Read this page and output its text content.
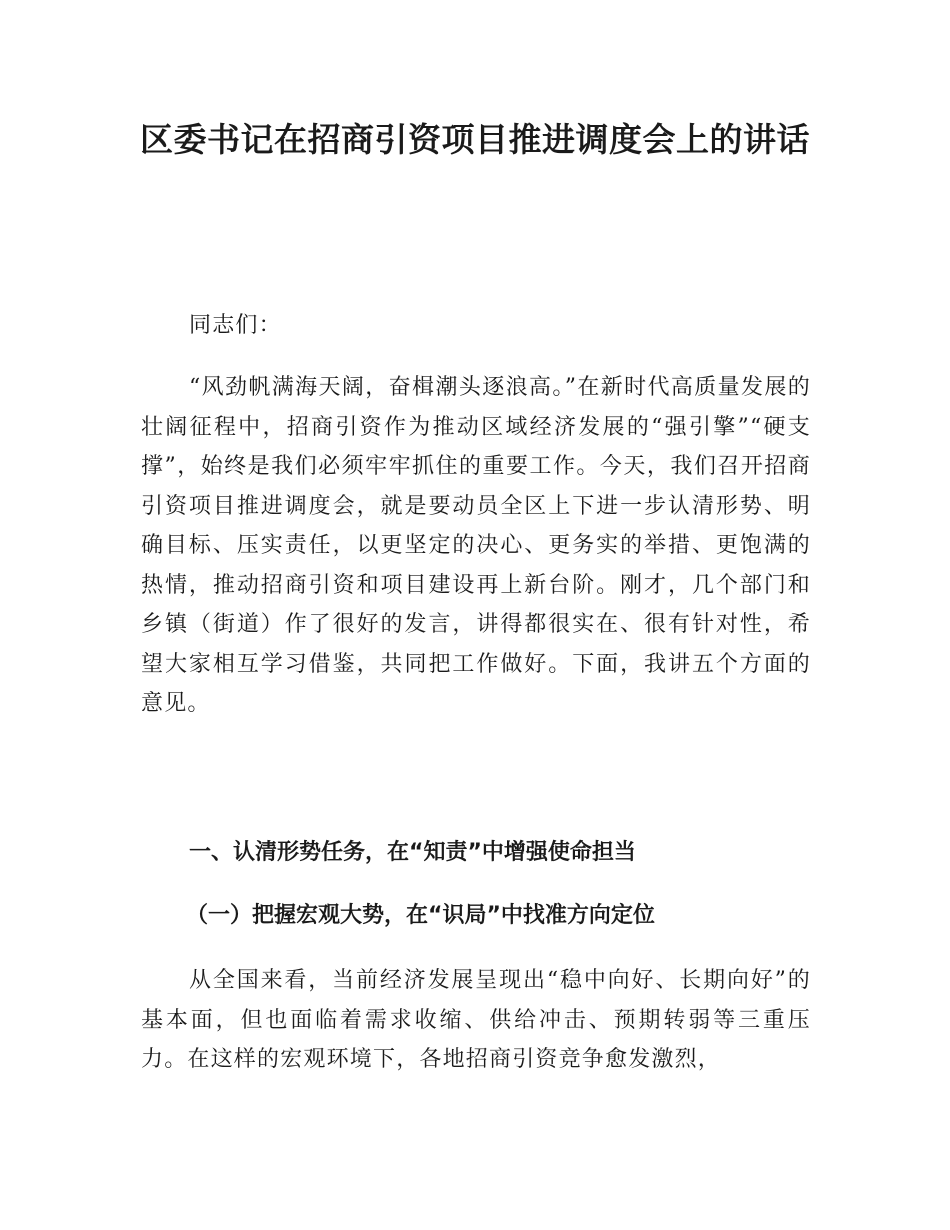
区委书记在招商引资项目推进调度会上的讲话

同志们：

“风劲帆满海天阔，奋楫潮头逐浪高。”在新时代高质量发展的壮阔征程中，招商引资作为推动区域经济发展的“强引擎”“硬支撑”，始终是我们必须牢牢抓住的重要工作。今天，我们召开招商引资项目推进调度会，就是要动员全区上下进一步认清形势、明确目标、压实责任，以更坚定的决心、更务实的举措、更饱满的热情，推动招商引资和项目建设再上新台阶。刚才，几个部门和乡镇（街道）作了很好的发言，讲得都很实在、很有针对性，希望大家相互学习借鉴，共同把工作做好。下面，我讲五个方面的意见。

一、认清形势任务，在“知责”中增强使命担当
（一）把握宏观大势，在“识局”中找准方向定位

从全国来看，当前经济发展呈现出“稳中向好、长期向好”的基本面，但也面临着需求收缩、供给冲击、预期转弱等三重压力。在这样的宏观环境下，各地招商引资竞争愈发激烈，
